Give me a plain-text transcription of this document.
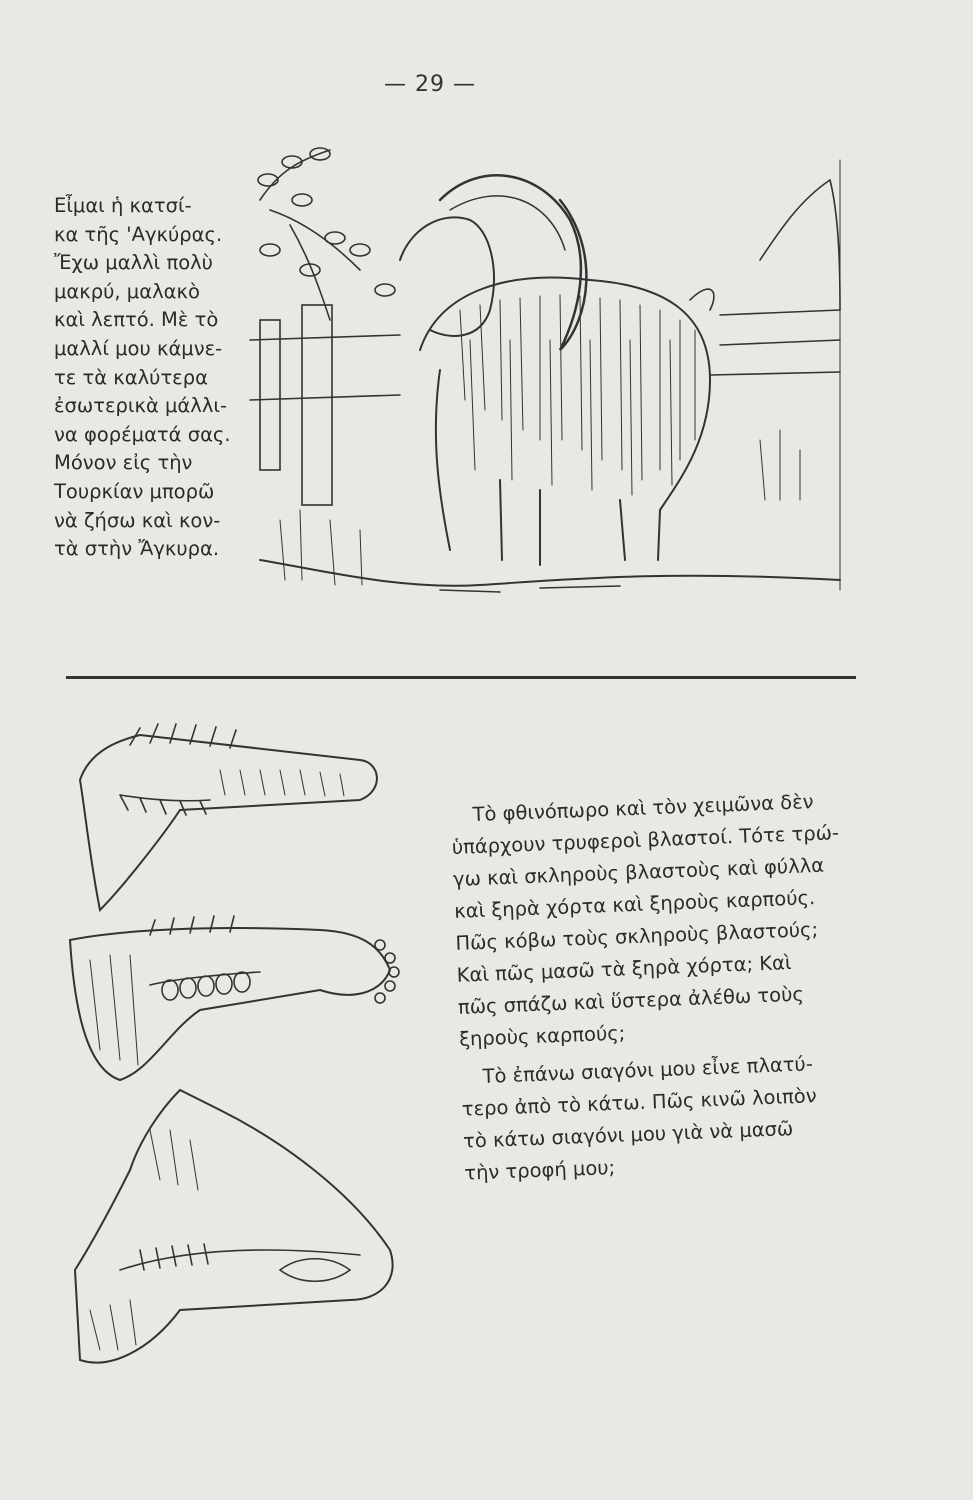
— 29 —
Εἶμαι ἡ κατσί-
κα τῆς 'Αγκύρας.
Ἔχω μαλλὶ πολὺ
μακρύ, μαλακὸ
καὶ λεπτό. Μὲ τὸ
μαλλί μου κάμνε-
τε τὰ καλύτερα
ἐσωτερικὰ μάλλι-
να φορέματά σας.
Μόνον εἰς τὴν
Τουρκίαν μπορῶ
νὰ ζήσω καὶ κον-
τὰ στὴν Ἄγκυρα.
Τὸ φθινόπωρο καὶ τὸν χειμῶνα δὲν
ὑπάρχουν τρυφεροὶ βλαστοί. Τότε τρώ-
γω καὶ σκληροὺς βλαστοὺς καὶ φύλλα
καὶ ξηρὰ χόρτα καὶ ξηροὺς καρπούς.
Πῶς κόβω τοὺς σκληροὺς βλαστούς;
Καὶ πῶς μασῶ τὰ ξηρὰ χόρτα; Καὶ
πῶς σπάζω καὶ ὕστερα ἀλέθω τοὺς
ξηροὺς καρπούς;
Τὸ ἐπάνω σιαγόνι μου εἶνε πλατύ-
τερο ἀπὸ τὸ κάτω. Πῶς κινῶ λοιπὸν
τὸ κάτω σιαγόνι μου γιὰ νὰ μασῶ
τὴν τροφή μου;
